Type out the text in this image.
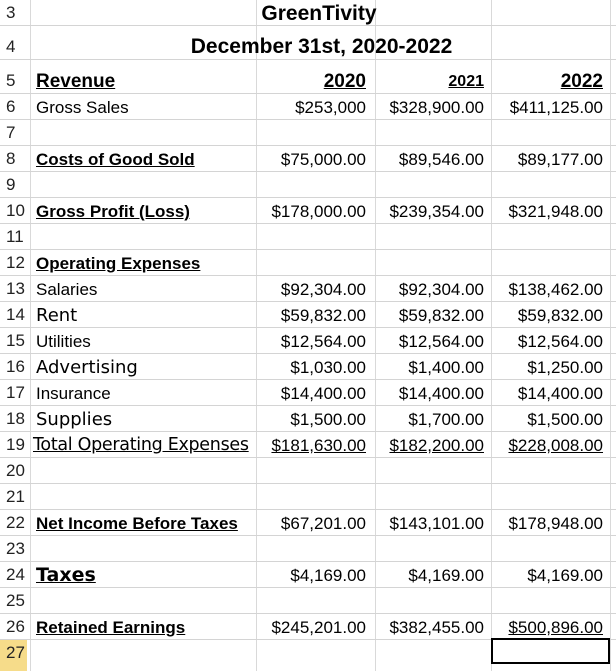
3	GreenTivity
4	December 31st, 2020-2022
5	Revenue	2020	2021	2022
6	Gross Sales	$253,000	$328,900.00	$411,125.00
7
8	Costs of Good Sold	$75,000.00	$89,546.00	$89,177.00
9
10 Gross Profit (Loss)	$178,000.00	$239,354.00	$321,948.00
11
12 Operating Expenses
13 Salaries	$92,304.00	$92,304.00	$138,462.00
14 Rent	$59,832.00	$59,832.00	$59,832.00
15 Utilities	$12,564.00	$12,564.00	$12,564.00
16 Advertising	$1,030.00	$1,400.00	$1,250.00
17 Insurance	$14,400.00	$14,400.00	$14,400.00
18 Supplies	$1,500.00	$1,700.00	$1,500.00
19 Total Operating Expenses	$181,630.00	$182,200.00	$228,008.00
20
21
22 Net Income Before Taxes	$67,201.00	$143,101.00	$178,948.00
23
24 Taxes	$4,169.00	$4,169.00	$4,169.00
25
26 Retained Earnings	$245,201.00	$382,455.00	$500,896.00
27
